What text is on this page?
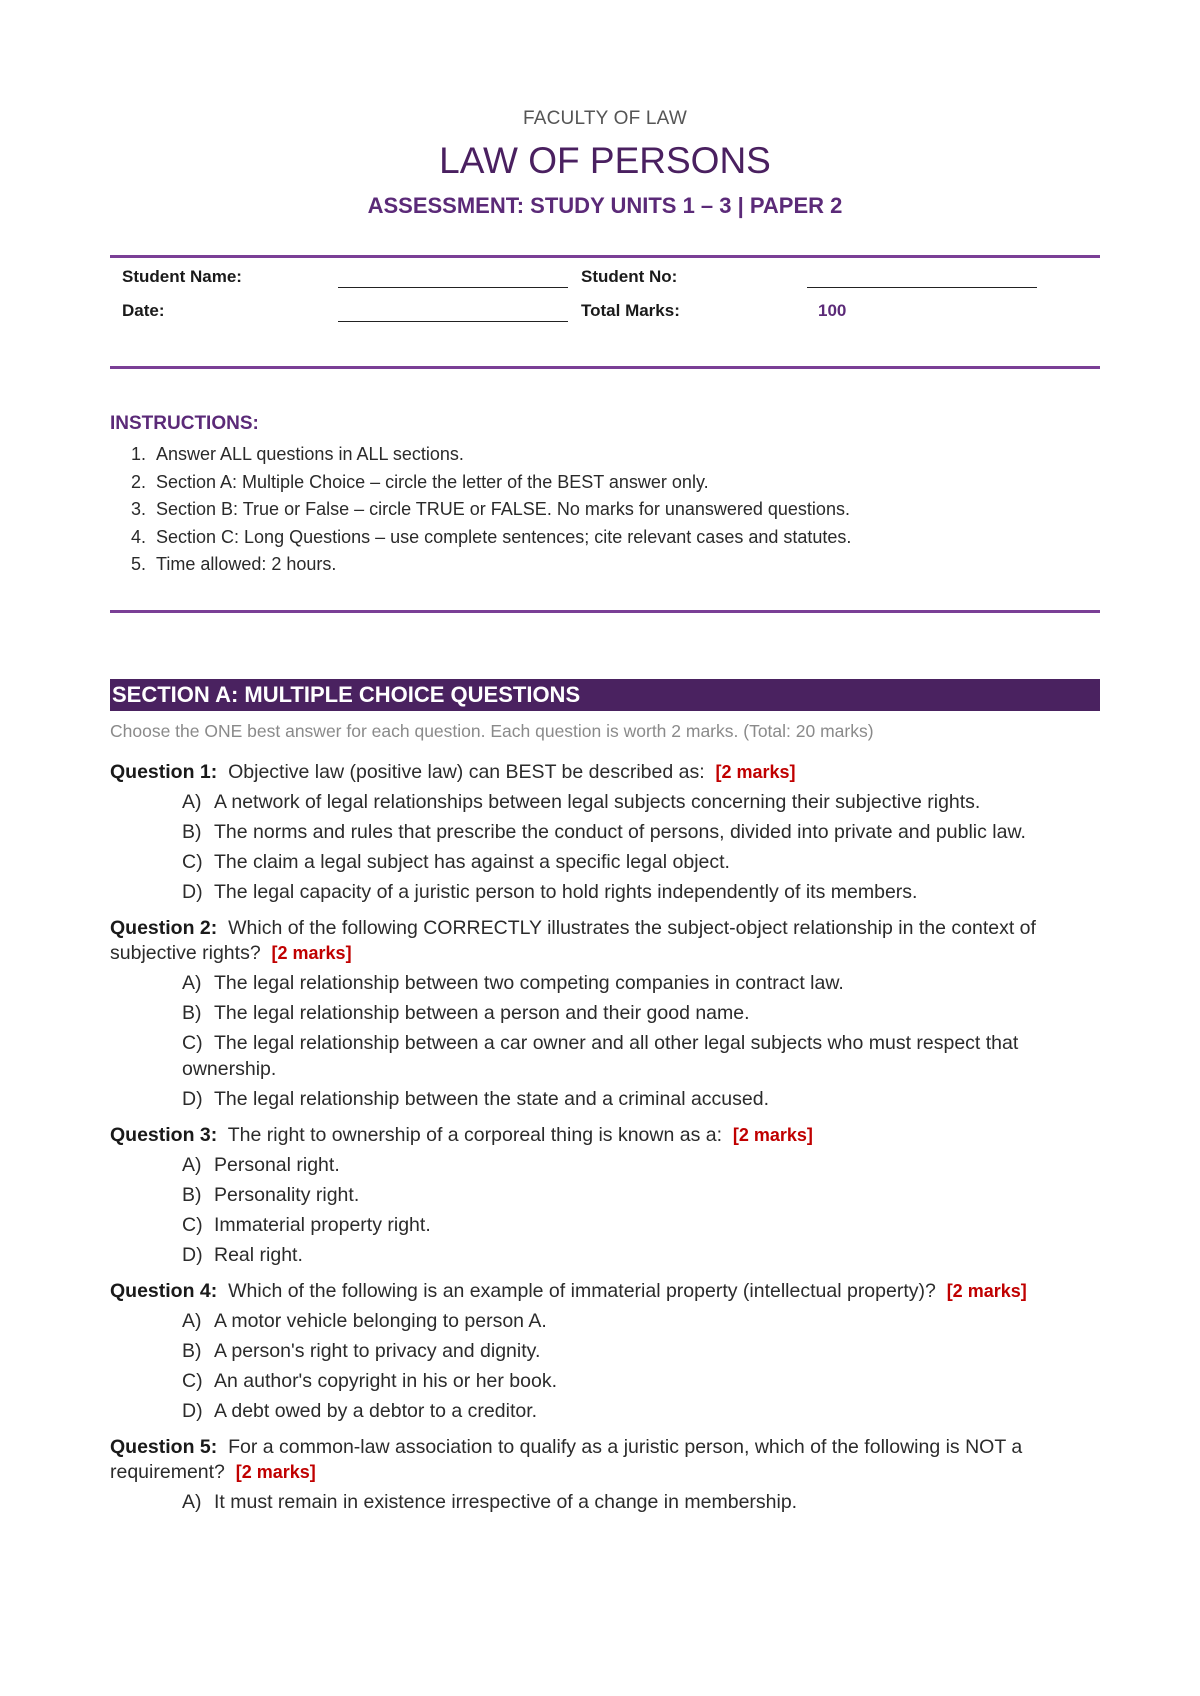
FACULTY OF LAW
LAW OF PERSONS
ASSESSMENT: STUDY UNITS 1 – 3 | PAPER 2
Student Name:	Student No:
Date:	Total Marks:	100
INSTRUCTIONS:
1. Answer ALL questions in ALL sections.
2. Section A: Multiple Choice – circle the letter of the BEST answer only.
3. Section B: True or False – circle TRUE or FALSE. No marks for unanswered questions.
4. Section C: Long Questions – use complete sentences; cite relevant cases and statutes.
5. Time allowed: 2 hours.
SECTION A: MULTIPLE CHOICE QUESTIONS
Choose the ONE best answer for each question. Each question is worth 2 marks. (Total: 20 marks)
Question 1: Objective law (positive law) can BEST be described as: [2 marks]
A) A network of legal relationships between legal subjects concerning their subjective rights.
B) The norms and rules that prescribe the conduct of persons, divided into private and public law.
C) The claim a legal subject has against a specific legal object.
D) The legal capacity of a juristic person to hold rights independently of its members.
Question 2: Which of the following CORRECTLY illustrates the subject-object relationship in the context of subjective rights? [2 marks]
A) The legal relationship between two competing companies in contract law.
B) The legal relationship between a person and their good name.
C) The legal relationship between a car owner and all other legal subjects who must respect that ownership.
D) The legal relationship between the state and a criminal accused.
Question 3: The right to ownership of a corporeal thing is known as a: [2 marks]
A) Personal right.
B) Personality right.
C) Immaterial property right.
D) Real right.
Question 4: Which of the following is an example of immaterial property (intellectual property)? [2 marks]
A) A motor vehicle belonging to person A.
B) A person's right to privacy and dignity.
C) An author's copyright in his or her book.
D) A debt owed by a debtor to a creditor.
Question 5: For a common-law association to qualify as a juristic person, which of the following is NOT a requirement? [2 marks]
A) It must remain in existence irrespective of a change in membership.
